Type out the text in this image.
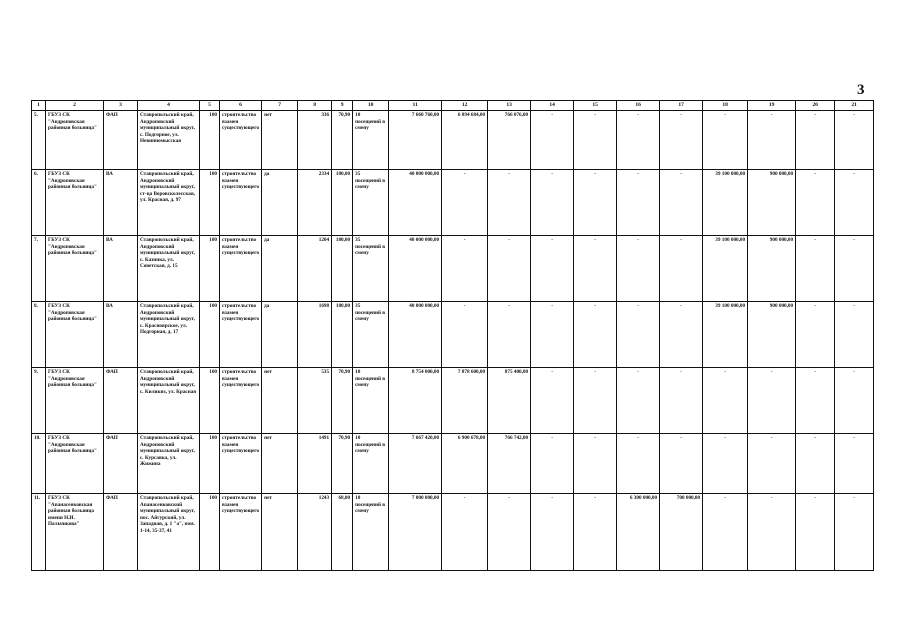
3
1	2	3	4	5	6	7	8	9	10	11	12	13	14	15	16	17	18	19	20	21
5.	ГБУЗ СК "Андроповская районная больница"	ФАП	Ставропольский край, Андроповский муниципальный округ, с. Подгорное, ул. Невинномысская	100	строительство взамен существующего	нет	336	70,90	10 посещений в смену	7 660 760,00	6 894 684,00	766 076,00	-	-	-	-	-	-	-	-
6.	ГБУЗ СК "Андроповская районная больница"	ВА	Ставропольский край, Андроповский муниципальный округ, ст-ца Воровсколесская, ул. Красная, д. 97	100	строительство взамен существующего	да	2334	180,00	35 посещений в смену	40 000 000,00	-	-	-	-	-	-	39 100 000,00	900 000,00	-	-
7.	ГБУЗ СК "Андроповская районная больница"	ВА	Ставропольский край, Андроповский муниципальный округ, с. Казинка, ул. Советская, д. 15	100	строительство взамен существующего	да	1204	180,00	35 посещений в смену	40 000 000,00	-	-	-	-	-	-	39 100 000,00	900 000,00	-	-
8.	ГБУЗ СК "Андроповская районная больница"	ВА	Ставропольский край, Андроповский муниципальный округ, с. Красноярское, ул. Подгорная, д. 17	100	строительство взамен существующего	да	1698	180,00	35 посещений в смену	40 000 000,00	-	-	-	-	-	-	39 100 000,00	900 000,00	-	-
9.	ГБУЗ СК "Андроповская районная больница"	ФАП	Ставропольский край, Андроповский муниципальный округ, с. Киликиз, ул. Красная	100	строительство взамен существующего	нет	535	70,90	10 посещений в смену	8 754 000,00	7 878 600,00	875 400,00	-	-	-	-	-	-	-	-
10.	ГБУЗ СК "Андроповская районная больница"	ФАП	Ставропольский край, Андроповский муниципальный округ, с. Курсавка, ул. Жижина	100	строительство взамен существующего	нет	1491	70,90	10 посещений в смену	7 667 420,00	6 900 678,00	766 742,00	-	-	-	-	-	-	-	-
11.	ГБУЗ СК "Апанасенковская районная больница имени Н.И. Пальчикова"	ФАП	Ставропольский край, Апанасенковский муниципальный округ, пос. Айгурский, ул. Западная, д. 1 "а", пом. 1-14, 35-37, 41	100	строительство взамен существующего	нет	1243	68,00	10 посещений в смену	7 000 000,00	-	-	-	-	6 300 000,00	700 000,00	-	-	-	-
